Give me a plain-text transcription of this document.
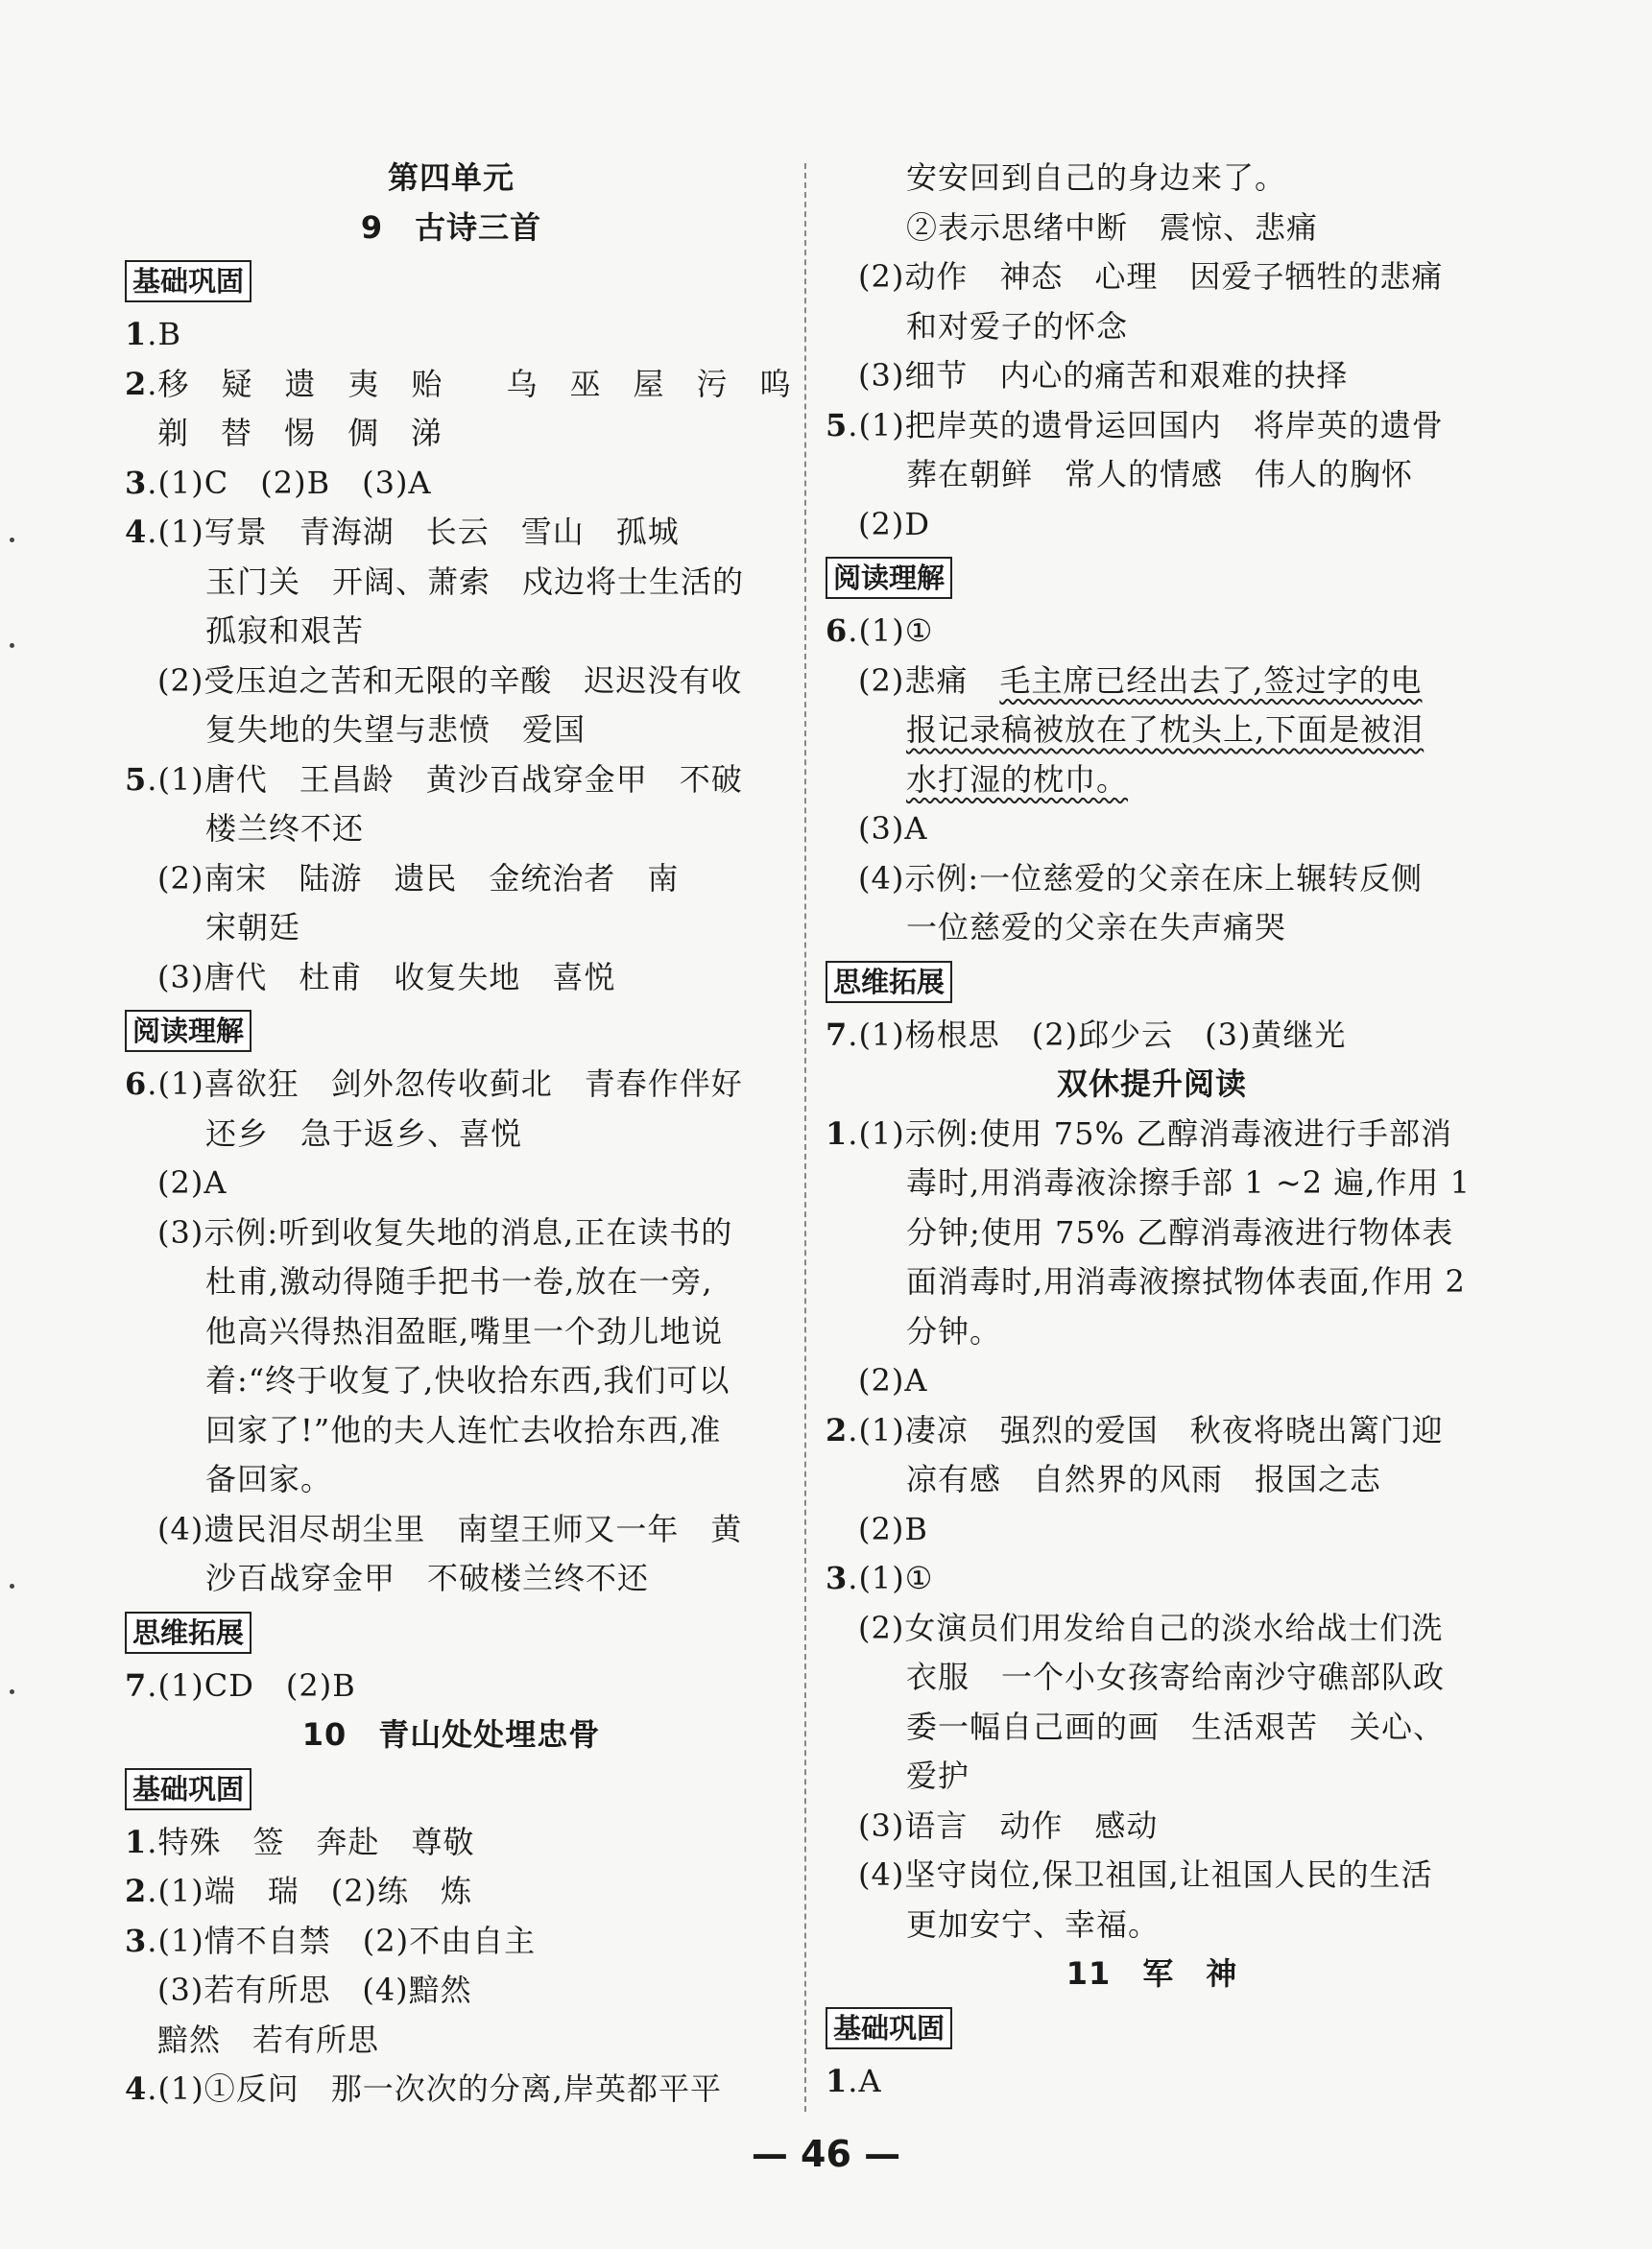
第四单元
9　古诗三首
基础巩固
1.B
2.移　疑　遗　夷　贻　　乌　巫　屋　污　呜
剃　替　惕　倜　涕
3.(1)C　(2)B　(3)A
4.(1)写景　青海湖　长云　雪山　孤城
玉门关　开阔、萧索　戍边将士生活的
孤寂和艰苦
(2)受压迫之苦和无限的辛酸　迟迟没有收
复失地的失望与悲愤　爱国
5.(1)唐代　王昌龄　黄沙百战穿金甲　不破
楼兰终不还
(2)南宋　陆游　遗民　金统治者　南
宋朝廷
(3)唐代　杜甫　收复失地　喜悦
阅读理解
6.(1)喜欲狂　剑外忽传收蓟北　青春作伴好
还乡　急于返乡、喜悦
(2)A
(3)示例:听到收复失地的消息,正在读书的
杜甫,激动得随手把书一卷,放在一旁,
他高兴得热泪盈眶,嘴里一个劲儿地说
着:“终于收复了,快收拾东西,我们可以
回家了!”他的夫人连忙去收拾东西,准
备回家。
(4)遗民泪尽胡尘里　南望王师又一年　黄
沙百战穿金甲　不破楼兰终不还
思维拓展
7.(1)CD　(2)B
10　青山处处埋忠骨
基础巩固
1.特殊　签　奔赴　尊敬
2.(1)端　瑞　(2)练　炼
3.(1)情不自禁　(2)不由自主
(3)若有所思　(4)黯然
黯然　若有所思
4.(1)①反问　那一次次的分离,岸英都平平
安安回到自己的身边来了。
②表示思绪中断　震惊、悲痛
(2)动作　神态　心理　因爱子牺牲的悲痛
和对爱子的怀念
(3)细节　内心的痛苦和艰难的抉择
5.(1)把岸英的遗骨运回国内　将岸英的遗骨
葬在朝鲜　常人的情感　伟人的胸怀
(2)D
阅读理解
6.(1)①
(2)悲痛　毛主席已经出去了,签过字的电
报记录稿被放在了枕头上,下面是被泪
水打湿的枕巾。
(3)A
(4)示例:一位慈爱的父亲在床上辗转反侧
一位慈爱的父亲在失声痛哭
思维拓展
7.(1)杨根思　(2)邱少云　(3)黄继光
双休提升阅读
1.(1)示例:使用 75% 乙醇消毒液进行手部消
毒时,用消毒液涂擦手部 1 ~2 遍,作用 1
分钟;使用 75% 乙醇消毒液进行物体表
面消毒时,用消毒液擦拭物体表面,作用 2
分钟。
(2)A
2.(1)凄凉　强烈的爱国　秋夜将晓出篱门迎
凉有感　自然界的风雨　报国之志
(2)B
3.(1)①
(2)女演员们用发给自己的淡水给战士们洗
衣服　一个小女孩寄给南沙守礁部队政
委一幅自己画的画　生活艰苦　关心、
爱护
(3)语言　动作　感动
(4)坚守岗位,保卫祖国,让祖国人民的生活
更加安宁、幸福。
11　军　神
基础巩固
1.A
— 46 —
